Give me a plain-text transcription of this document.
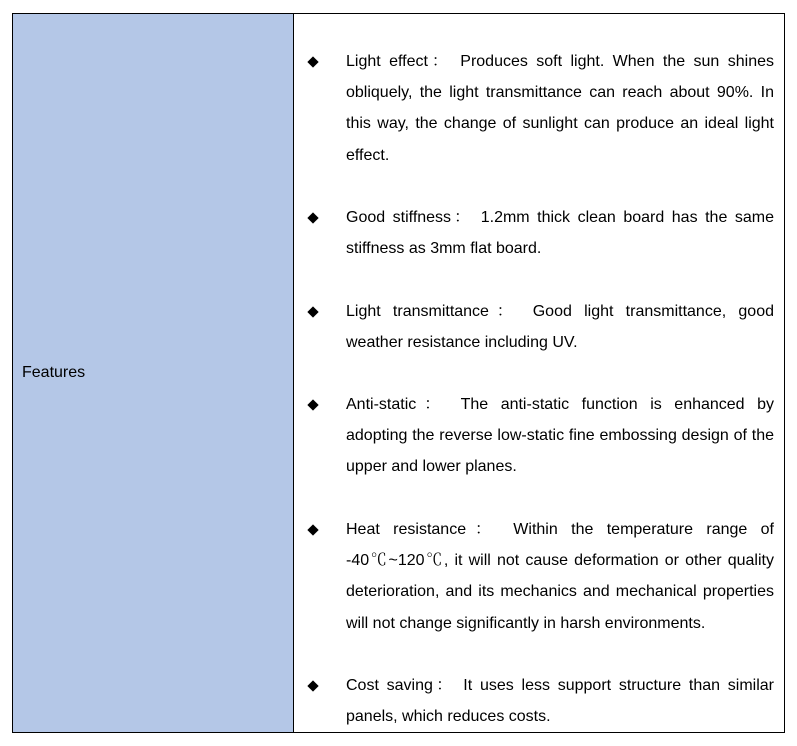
Features

Light effect： Produces soft light. When the sun shines obliquely, the light transmittance can reach about 90%. In this way, the change of sunlight can produce an ideal light effect.

Good stiffness： 1.2mm thick clean board has the same stiffness as 3mm flat board.

Light transmittance： Good light transmittance, good weather resistance including UV.

Anti-static： The anti-static function is enhanced by adopting the reverse low-static fine embossing design of the upper and lower planes.

Heat resistance： Within the temperature range of -40℃~120℃, it will not cause deformation or other quality deterioration, and its mechanics and mechanical properties will not change significantly in harsh environments.

Cost saving： It uses less support structure than similar panels, which reduces costs.
